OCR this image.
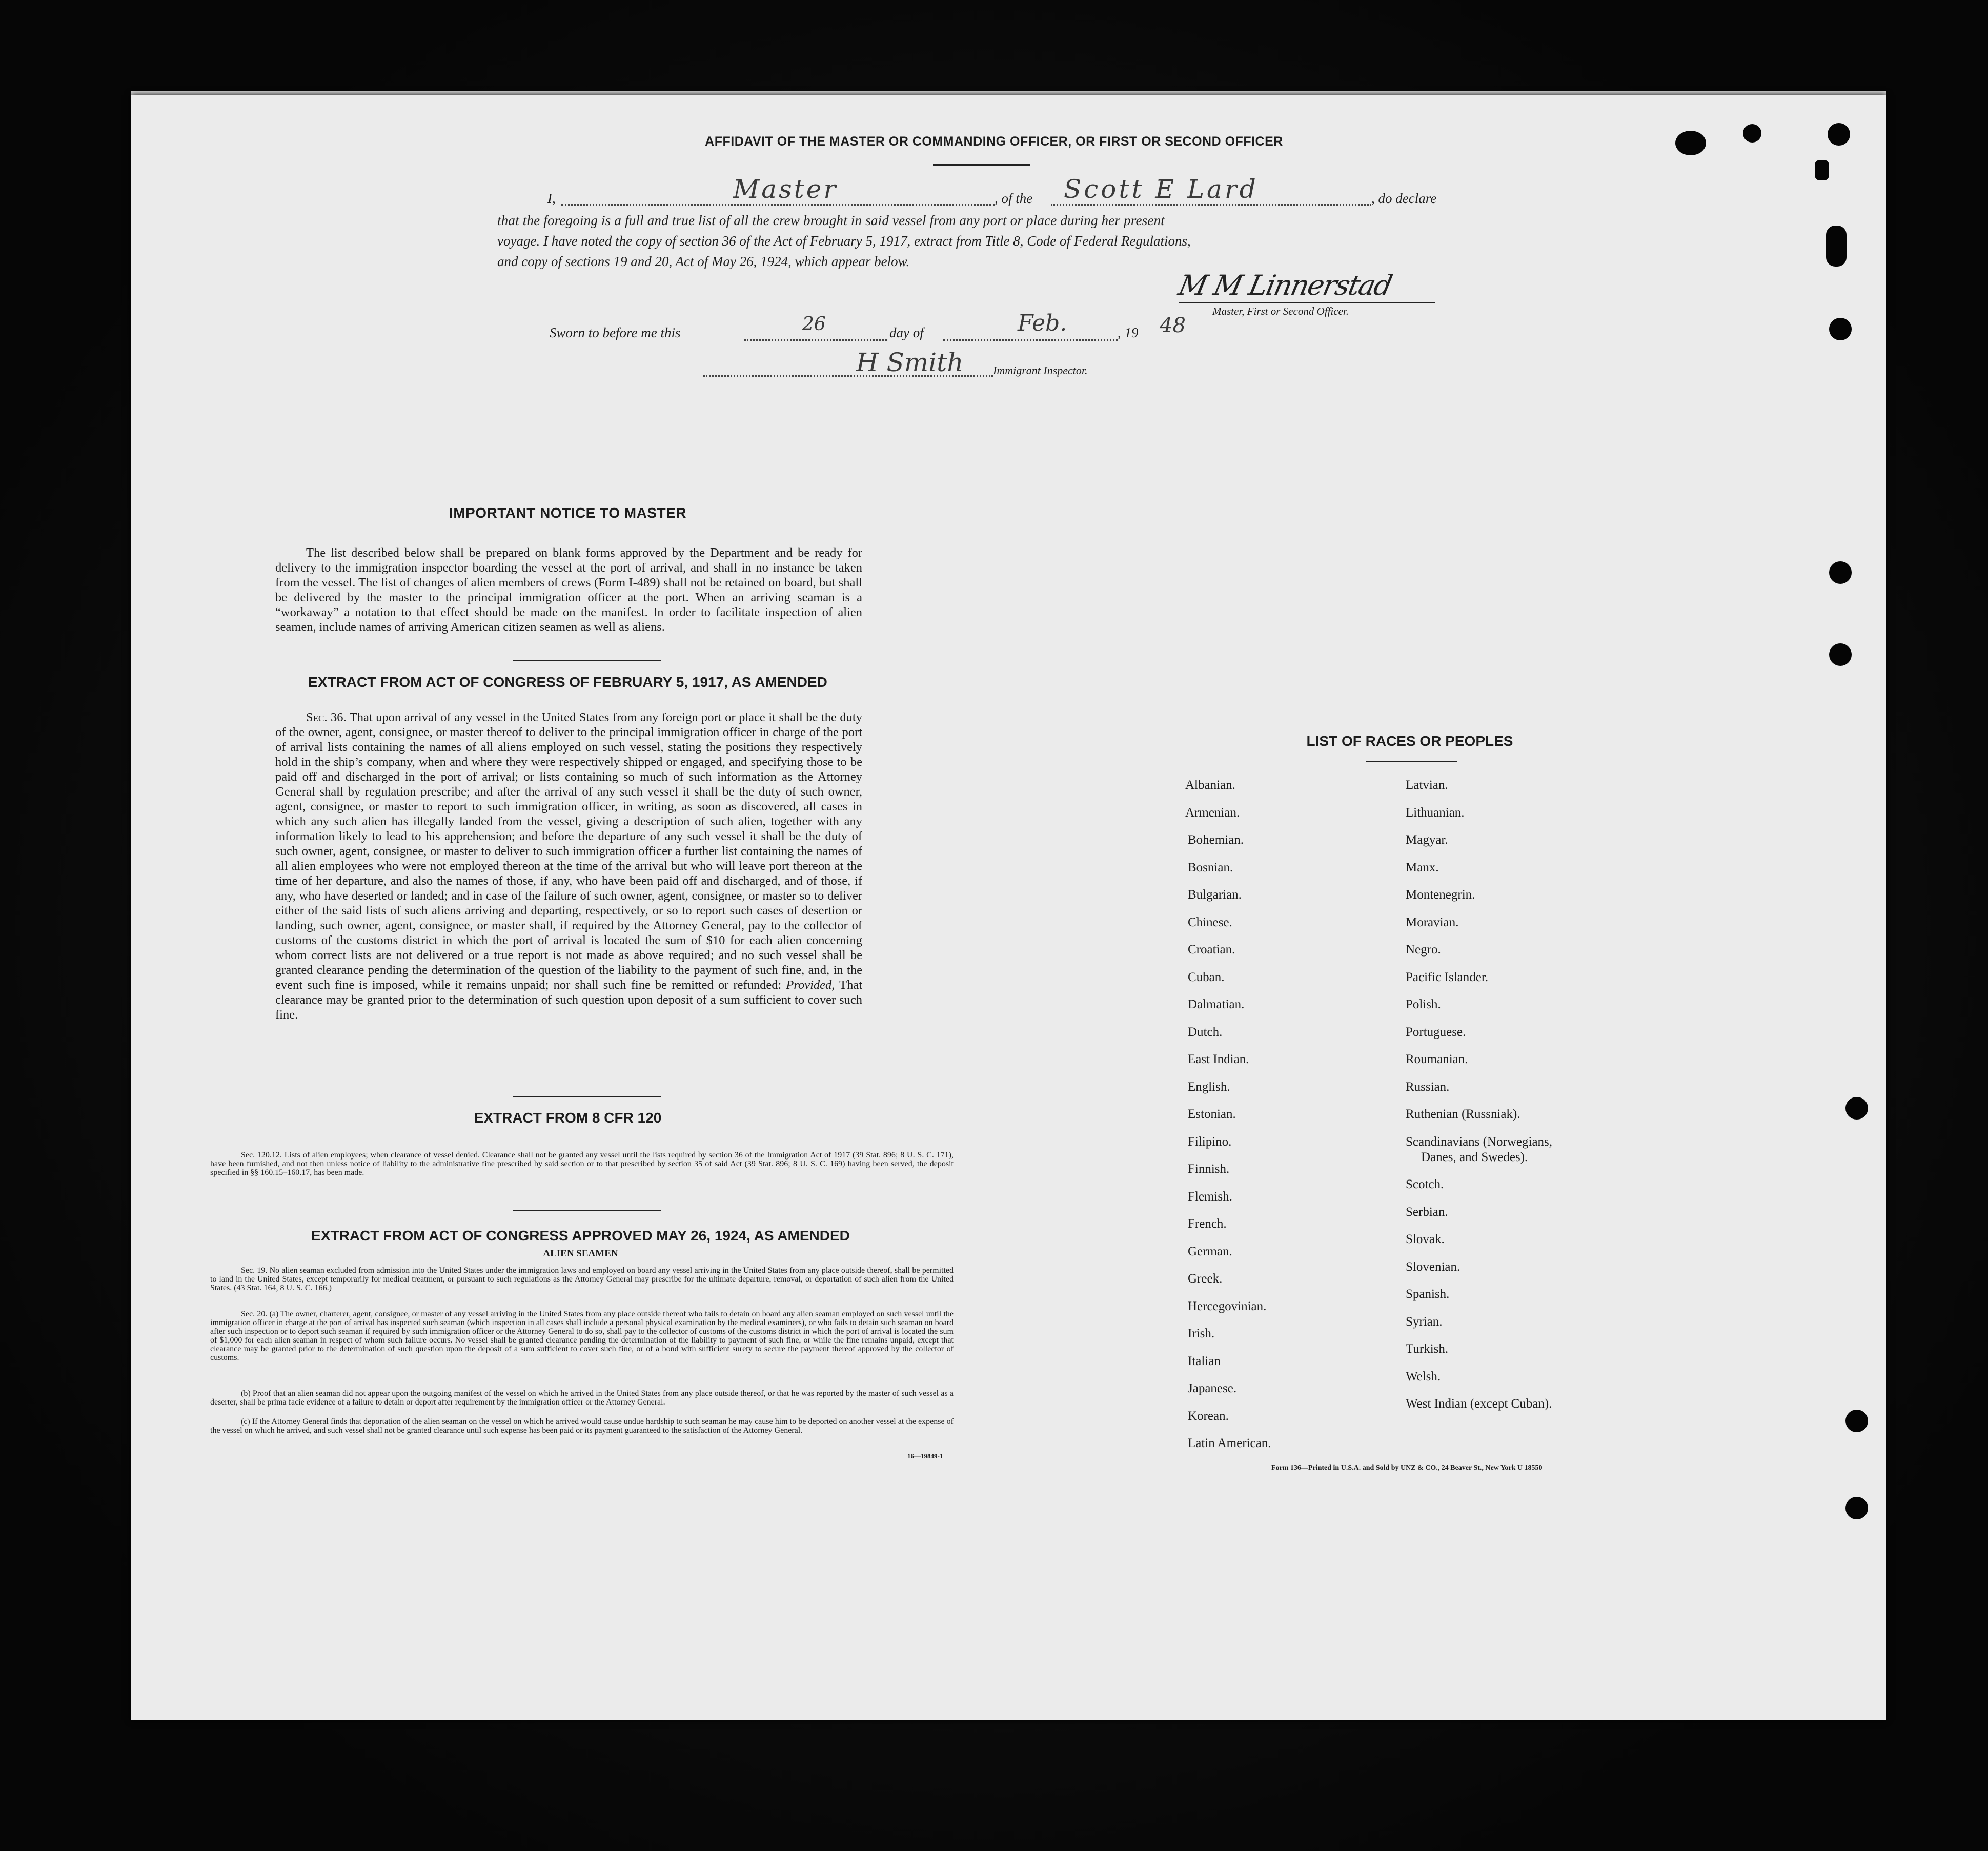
AFFIDAVIT OF THE MASTER OR COMMANDING OFFICER, OR FIRST OR SECOND OFFICER
I,	Master	, of the Scott E Lard	, do declare
that the foregoing is a full and true list of all the crew brought in said vessel from any port or place during her present
voyage. I have noted the copy of section 36 of the Act of February 5, 1917, extract from Title 8, Code of Federal Regulations,
and copy of sections 19 and 20, Act of May 26, 1924, which appear below.
M M Linnerstad
Master, First or Second Officer.
Sworn to before me this	26	day of	Feb.	, 19 48
H Smith	Immigrant Inspector.
IMPORTANT NOTICE TO MASTER
The list described below shall be prepared on blank forms approved by the Department and be ready for delivery to the immigration inspector boarding the vessel at the port of arrival, and shall in no instance be taken from the vessel. The list of changes of alien members of crews (Form I-489) shall not be retained on board, but shall be delivered by the master to the principal immigration officer at the port. When an arriving seaman is a “workaway” a notation to that effect should be made on the manifest. In order to facilitate inspection of alien seamen, include names of arriving American citizen seamen as well as aliens.
EXTRACT FROM ACT OF CONGRESS OF FEBRUARY 5, 1917, AS AMENDED
Sec. 36. That upon arrival of any vessel in the United States from any foreign port or place it shall be the duty of the owner, agent, consignee, or master thereof to deliver to the principal immigration officer in charge of the port of arrival lists containing the names of all aliens employed on such vessel, stating the positions they respectively hold in the ship’s company, when and where they were respectively shipped or engaged, and specifying those to be paid off and discharged in the port of arrival; or lists containing so much of such information as the Attorney General shall by regulation prescribe; and after the arrival of any such vessel it shall be the duty of such owner, agent, consignee, or master to report to such immigration officer, in writing, as soon as discovered, all cases in which any such alien has illegally landed from the vessel, giving a description of such alien, together with any information likely to lead to his apprehension; and before the departure of any such vessel it shall be the duty of such owner, agent, consignee, or master to deliver to such immigration officer a further list containing the names of all alien employees who were not employed thereon at the time of the arrival but who will leave port thereon at the time of her departure, and also the names of those, if any, who have been paid off and discharged, and of those, if any, who have deserted or landed; and in case of the failure of such owner, agent, consignee, or master so to deliver either of the said lists of such aliens arriving and departing, respectively, or so to report such cases of desertion or landing, such owner, agent, consignee, or master shall, if required by the Attorney General, pay to the collector of customs of the customs district in which the port of arrival is located the sum of $10 for each alien concerning whom correct lists are not delivered or a true report is not made as above required; and no such vessel shall be granted clearance pending the determination of the question of the liability to the payment of such fine, and, in the event such fine is imposed, while it remains unpaid; nor shall such fine be remitted or refunded: Provided, That clearance may be granted prior to the determination of such question upon deposit of a sum sufficient to cover such fine.
EXTRACT FROM 8 CFR 120
Sec. 120.12. Lists of alien employees; when clearance of vessel denied. Clearance shall not be granted any vessel until the lists required by section 36 of the Immigration Act of 1917 (39 Stat. 896; 8 U. S. C. 171), have been furnished, and not then unless notice of liability to the administrative fine prescribed by said section or to that prescribed by section 35 of said Act (39 Stat. 896; 8 U. S. C. 169) having been served, the deposit specified in §§ 160.15–160.17, has been made.
EXTRACT FROM ACT OF CONGRESS APPROVED MAY 26, 1924, AS AMENDED
ALIEN SEAMEN
Sec. 19. No alien seaman excluded from admission into the United States under the immigration laws and employed on board any vessel arriving in the United States from any place outside thereof, shall be permitted to land in the United States, except temporarily for medical treatment, or pursuant to such regulations as the Attorney General may prescribe for the ultimate departure, removal, or deportation of such alien from the United States. (43 Stat. 164, 8 U. S. C. 166.)
Sec. 20. (a) The owner, charterer, agent, consignee, or master of any vessel arriving in the United States from any place outside thereof who fails to detain on board any alien seaman employed on such vessel until the immigration officer in charge at the port of arrival has inspected such seaman (which inspection in all cases shall include a personal physical examination by the medical examiners), or who fails to detain such seaman on board after such inspection or to deport such seaman if required by such immigration officer or the Attorney General to do so, shall pay to the collector of customs of the customs district in which the port of arrival is located the sum of $1,000 for each alien seaman in respect of whom such failure occurs. No vessel shall be granted clearance pending the determination of the liability to payment of such fine, or while the fine remains unpaid, except that clearance may be granted prior to the determination of such question upon the deposit of a sum sufficient to cover such fine, or of a bond with sufficient surety to secure the payment thereof approved by the collector of customs.
(b) Proof that an alien seaman did not appear upon the outgoing manifest of the vessel on which he arrived in the United States from any place outside thereof, or that he was reported by the master of such vessel as a deserter, shall be prima facie evidence of a failure to detain or deport after requirement by the immigration officer or the Attorney General.
(c) If the Attorney General finds that deportation of the alien seaman on the vessel on which he arrived would cause undue hardship to such seaman he may cause him to be deported on another vessel at the expense of the vessel on which he arrived, and such vessel shall not be granted clearance until such expense has been paid or its payment guaranteed to the satisfaction of the Attorney General.
16—19849-1
LIST OF RACES OR PEOPLES
Albanian.
Armenian.
Bohemian.
Bosnian.
Bulgarian.
Chinese.
Croatian.
Cuban.
Dalmatian.
Dutch.
East Indian.
English.
Estonian.
Filipino.
Finnish.
Flemish.
French.
German.
Greek.
Hercegovinian.
Irish.
Italian
Japanese.
Korean.
Latin American.
Latvian.
Lithuanian.
Magyar.
Manx.
Montenegrin.
Moravian.
Negro.
Pacific Islander.
Polish.
Portuguese.
Roumanian.
Russian.
Ruthenian (Russniak).
Scandinavians (Norwegians,
Danes, and Swedes).
Scotch.
Serbian.
Slovak.
Slovenian.
Spanish.
Syrian.
Turkish.
Welsh.
West Indian (except Cuban).
Form 136—Printed in U.S.A. and Sold by UNZ & CO., 24 Beaver St., New York U 18550
